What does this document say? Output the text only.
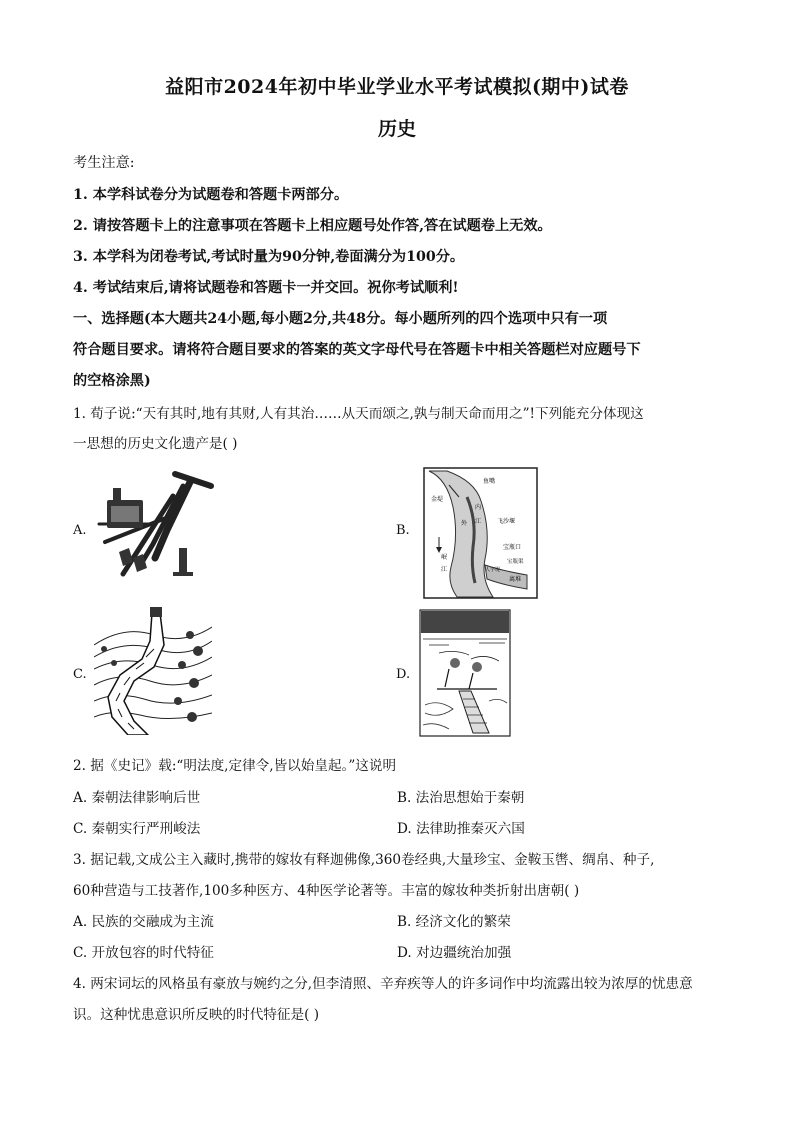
益阳市2024年初中毕业学业水平考试模拟(期中)试卷
历史
考生注意:
1. 本学科试卷分为试题卷和答题卡两部分。
2. 请按答题卡上的注意事项在答题卡上相应题号处作答,答在试题卷上无效。
3. 本学科为闭卷考试,考试时量为90分钟,卷面满分为100分。
4. 考试结束后,请将试题卷和答题卡一并交回。祝你考试顺利!
一、选择题(本大题共24小题,每小题2分,共48分。每小题所列的四个选项中只有一项
符合题目要求。请将符合题目要求的答案的英文字母代号在答题卡中相关答题栏对应题号下
的空格涂黑)
1. 荀子说:“天有其时,地有其财,人有其治……从天而颂之,孰与制天命而用之”!下列能充分体现这
一思想的历史文化遗产是( )
A.	B.
鱼嘴
飞沙堰
宝瓶口
金堤
宝瓶渠
离堆
内
江
外
岷
江	人字堤
C.	D.
2. 据《史记》载:“明法度,定律令,皆以始皇起。”这说明
A. 秦朝法律影响后世	B. 法治思想始于秦朝
C. 秦朝实行严刑峻法	D. 法律助推秦灭六国
3. 据记载,文成公主入藏时,携带的嫁妆有释迦佛像,360卷经典,大量珍宝、金鞍玉辔、绸帛、种子,
60种营造与工技著作,100多种医方、4种医学论著等。丰富的嫁妆种类折射出唐朝( )
A. 民族的交融成为主流	B. 经济文化的繁荣
C. 开放包容的时代特征	D. 对边疆统治加强
4. 两宋词坛的风格虽有豪放与婉约之分,但李清照、辛弃疾等人的许多词作中均流露出较为浓厚的忧患意
识。这种忧患意识所反映的时代特征是( )
